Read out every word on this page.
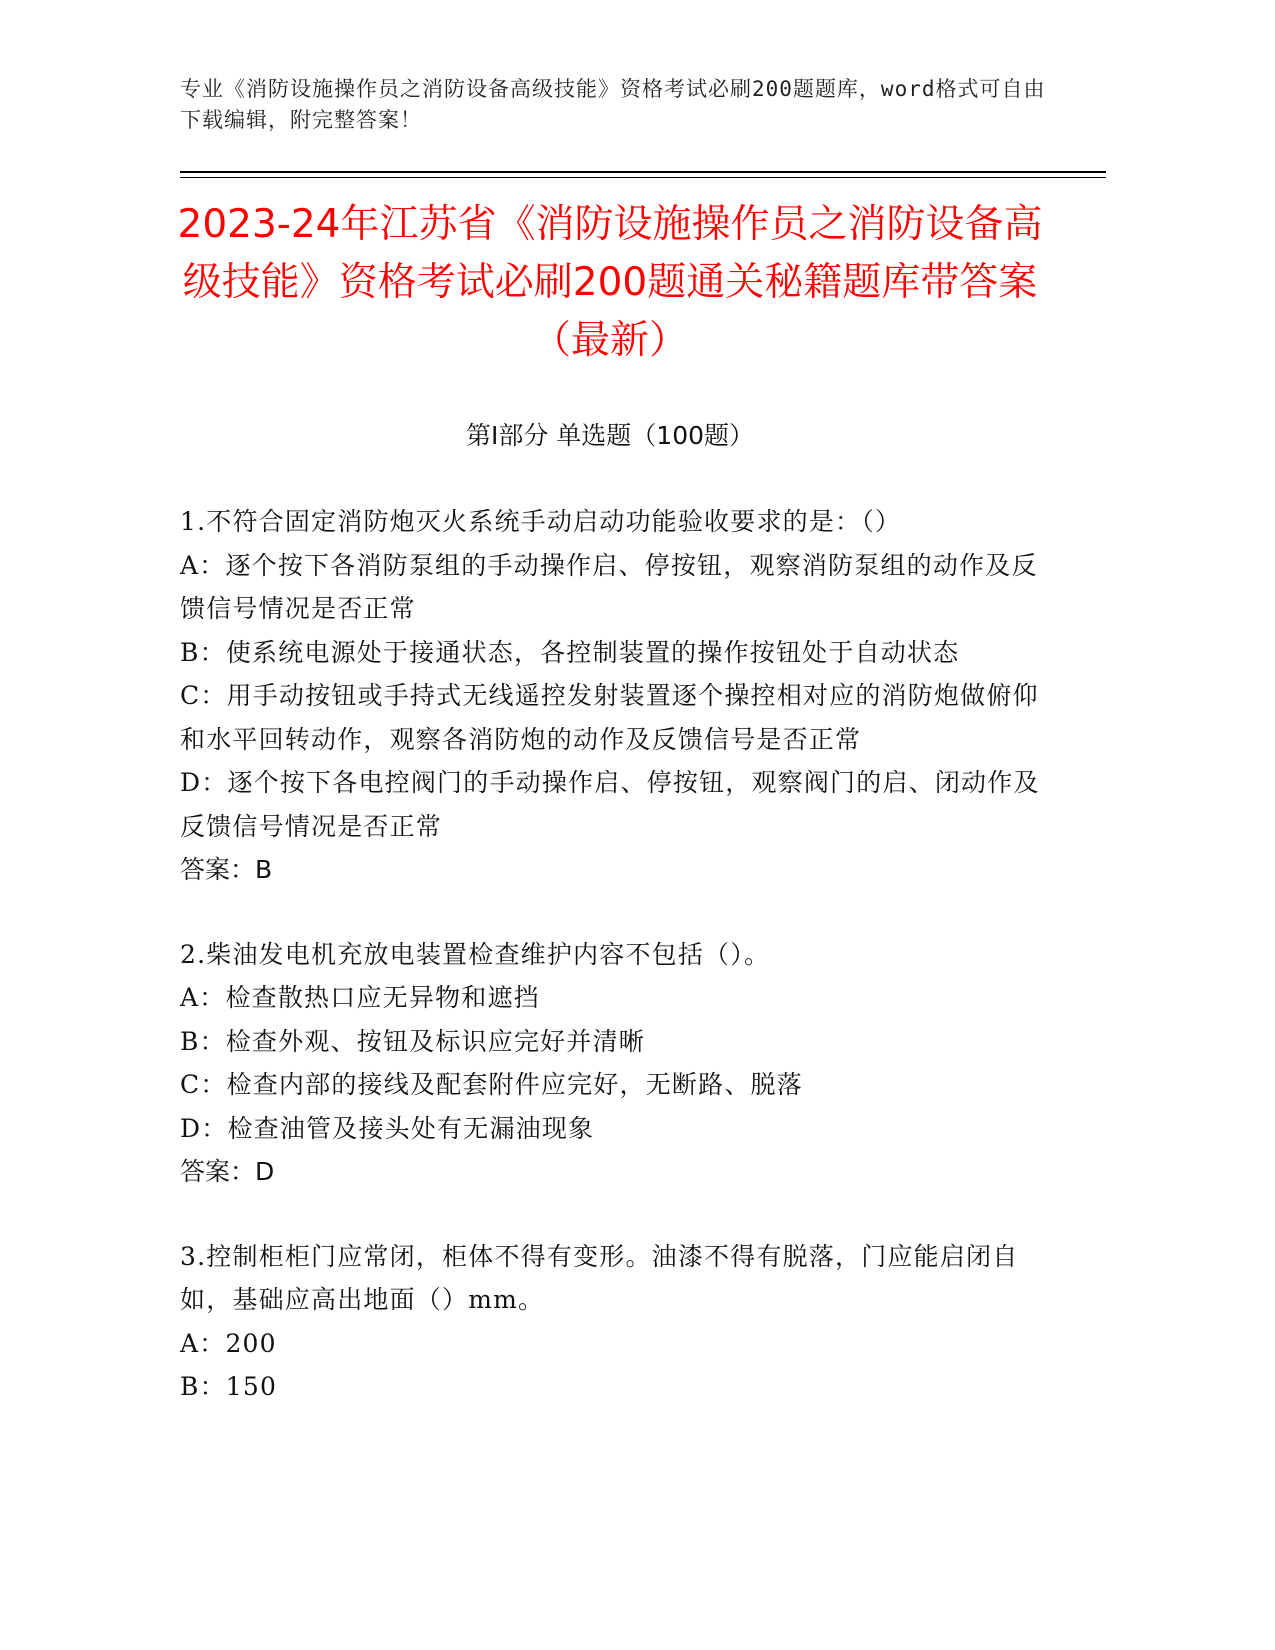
专业《消防设施操作员之消防设备高级技能》资格考试必刷200题题库，word格式可自由下载编辑，附完整答案！
2023-24年江苏省《消防设施操作员之消防设备高级技能》资格考试必刷200题通关秘籍题库带答案（最新）
第Ⅰ部分 单选题（100题）

1.不符合固定消防炮灭火系统手动启动功能验收要求的是：（）

A：逐个按下各消防泵组的手动操作启、停按钮，观察消防泵组的动作及反馈信号情况是否正常

B：使系统电源处于接通状态，各控制装置的操作按钮处于自动状态

C：用手动按钮或手持式无线遥控发射装置逐个操控相对应的消防炮做俯仰和水平回转动作，观察各消防炮的动作及反馈信号是否正常

D：逐个按下各电控阀门的手动操作启、停按钮，观察阀门的启、闭动作及反馈信号情况是否正常

答案：B

2.柴油发电机充放电装置检查维护内容不包括（）。

A：检查散热口应无异物和遮挡

B：检查外观、按钮及标识应完好并清晰

C：检查内部的接线及配套附件应完好，无断路、脱落

D：检查油管及接头处有无漏油现象

答案：D

3.控制柜柜门应常闭，柜体不得有变形。油漆不得有脱落，门应能启闭自如，基础应高出地面（）mm。

A：200

B：150
